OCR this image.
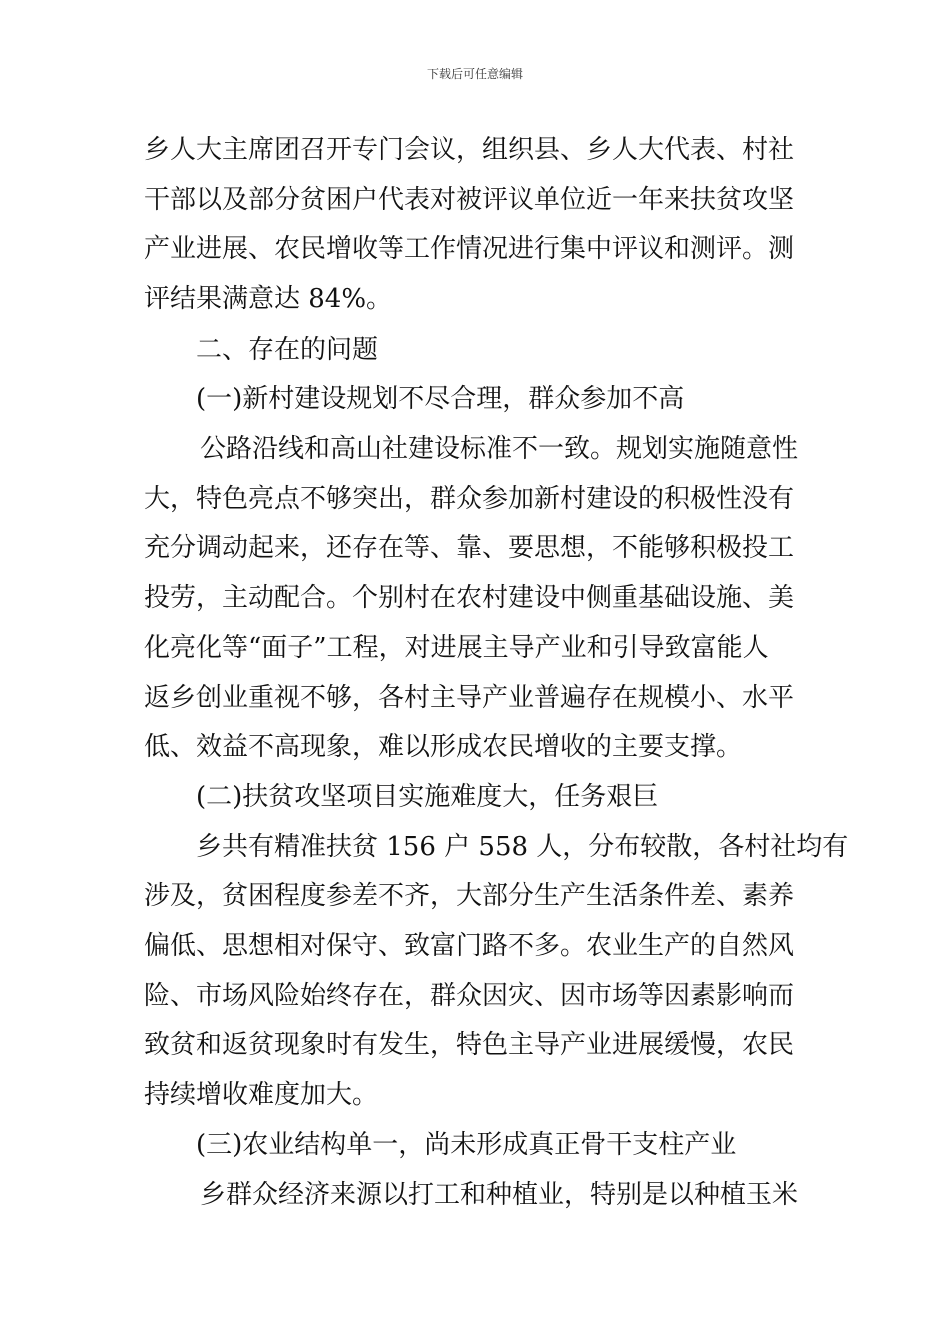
下载后可任意编辑
乡人大主席团召开专门会议，组织县、乡人大代表、村社
干部以及部分贫困户代表对被评议单位近一年来扶贫攻坚
产业进展、农民增收等工作情况进行集中评议和测评。测
评结果满意达 84%。
二、存在的问题
(一)新村建设规划不尽合理，群众参加不高
公路沿线和高山社建设标准不一致。规划实施随意性
大，特色亮点不够突出，群众参加新村建设的积极性没有
充分调动起来，还存在等、靠、要思想，不能够积极投工
投劳，主动配合。个别村在农村建设中侧重基础设施、美
化亮化等“面子”工程，对进展主导产业和引导致富能人
返乡创业重视不够，各村主导产业普遍存在规模小、水平
低、效益不高现象，难以形成农民增收的主要支撑。
(二)扶贫攻坚项目实施难度大，任务艰巨
乡共有精准扶贫 156 户 558 人，分布较散，各村社均有
涉及，贫困程度参差不齐，大部分生产生活条件差、素养
偏低、思想相对保守、致富门路不多。农业生产的自然风
险、市场风险始终存在，群众因灾、因市场等因素影响而
致贫和返贫现象时有发生，特色主导产业进展缓慢，农民
持续增收难度加大。
(三)农业结构单一，尚未形成真正骨干支柱产业
乡群众经济来源以打工和种植业，特别是以种植玉米
